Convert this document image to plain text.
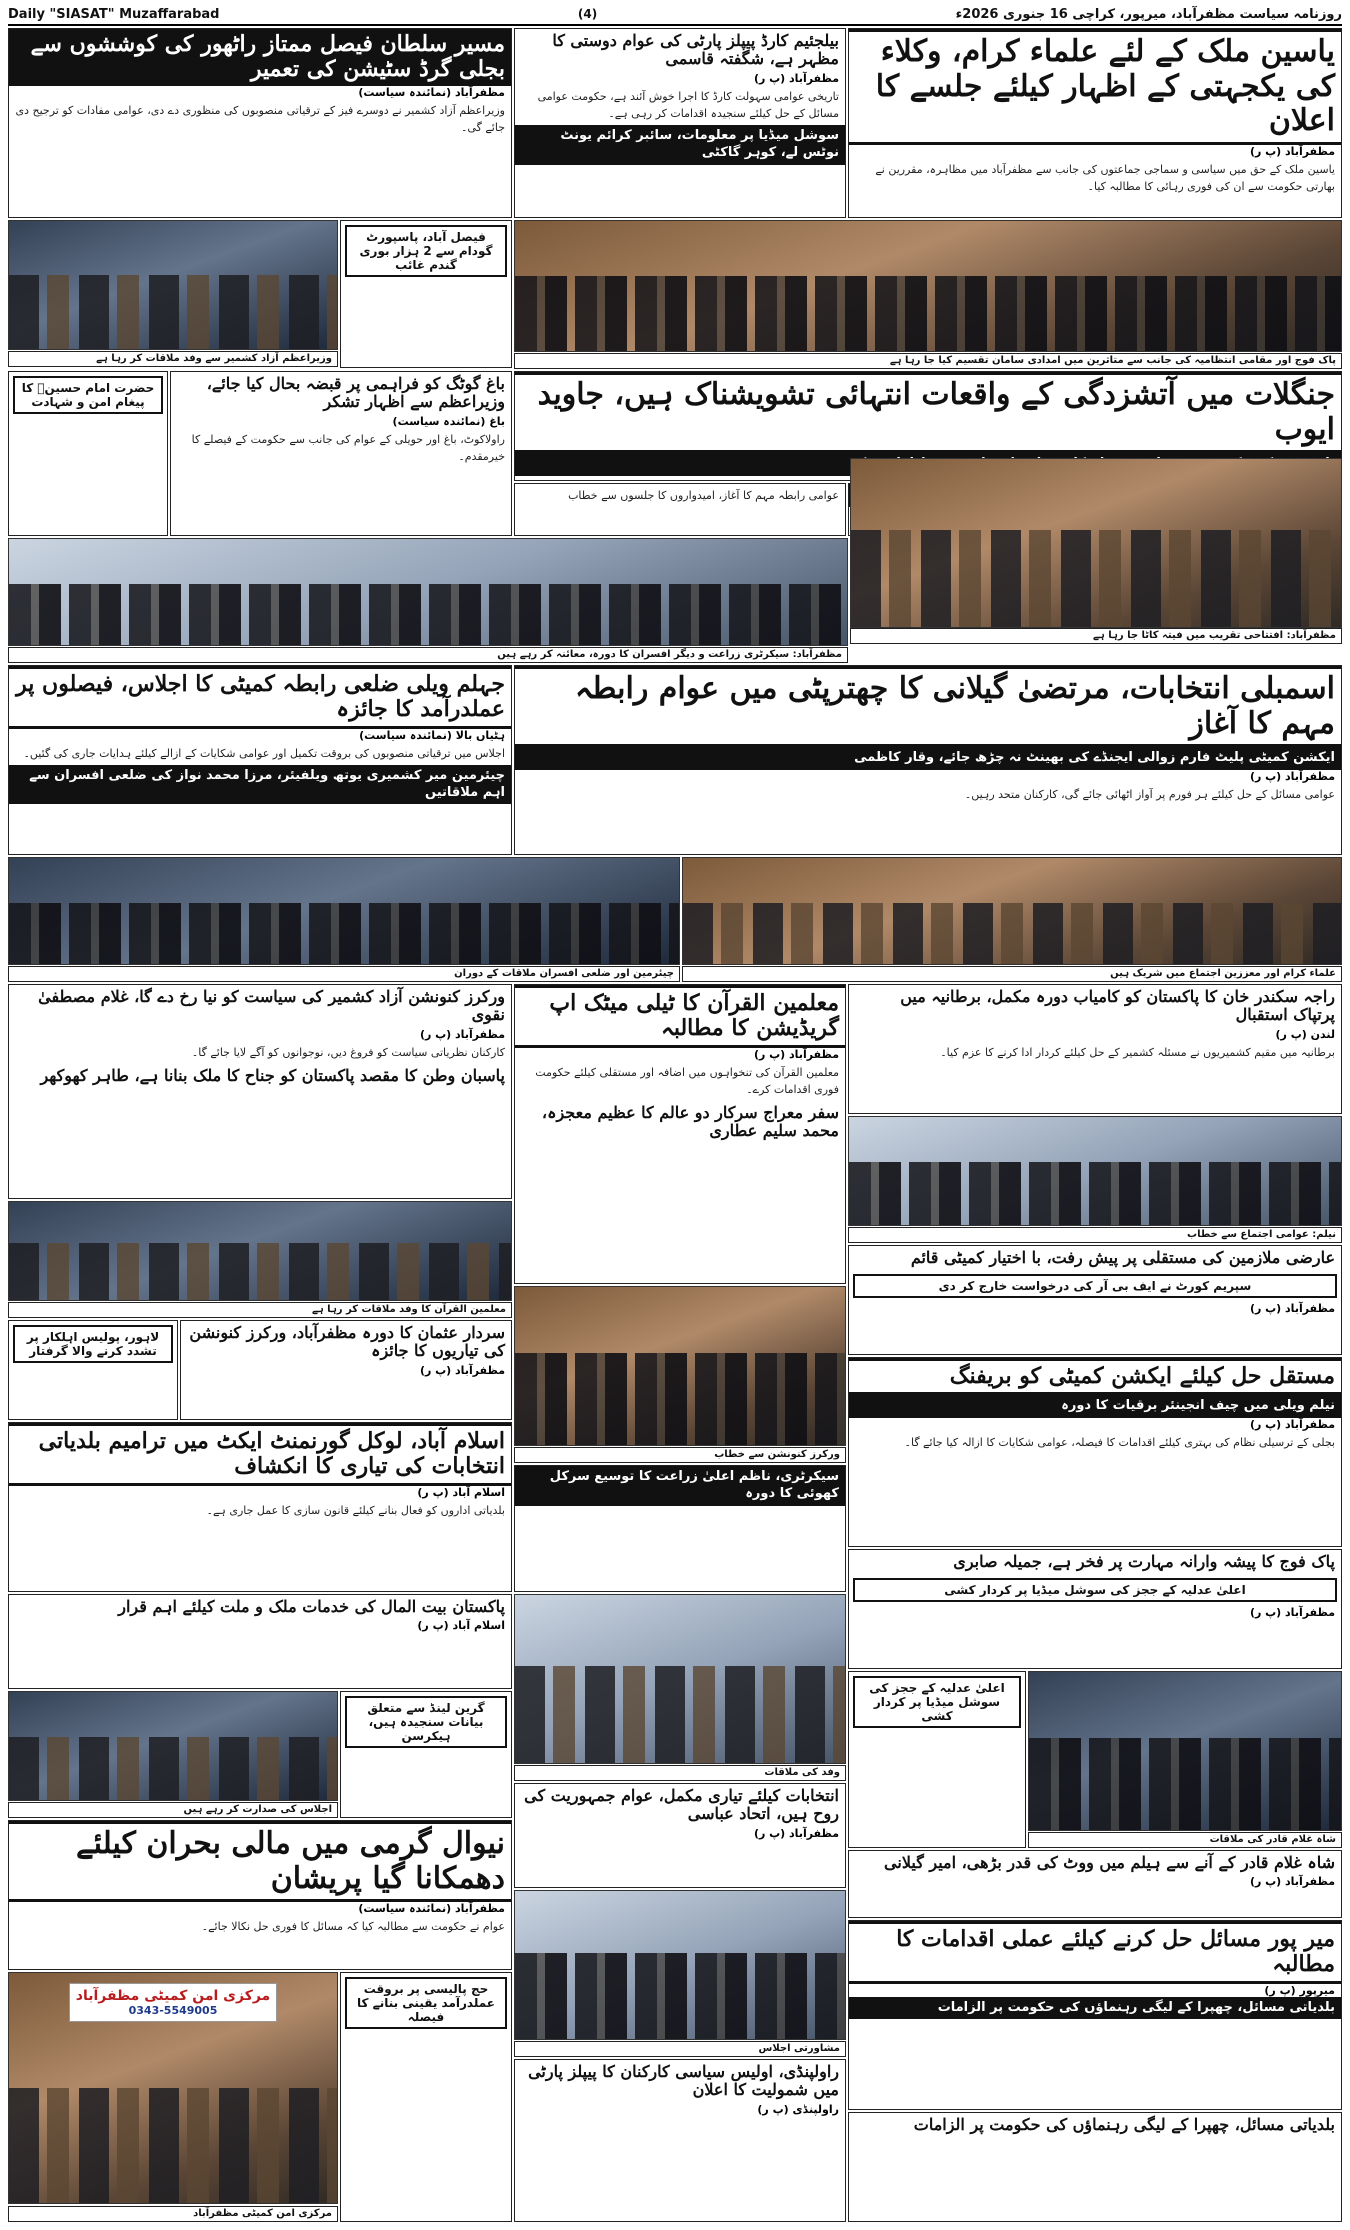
Daily "SIASAT" Muzaffarabad	(4)	روزنامہ سیاست مظفرآباد، میرپور، کراچی 16 جنوری 2026ء
یاسین ملک کے لئے علماء کرام، وکلاء کی یکجہتی کے اظہار کیلئے جلسے کا اعلان
مظفرآباد (پ ر)
یاسین ملک کے حق میں سیاسی و سماجی جماعتوں کی جانب سے مظفرآباد میں مظاہرہ، مقررین نے بھارتی حکومت سے ان کی فوری رہائی کا مطالبہ کیا۔
بیلجئیم کارڈ پیپلز پارٹی کی عوام دوستی کا مظہر ہے، شگفتہ قاسمی
مظفرآباد (پ ر)
تاریخی عوامی سہولت کارڈ کا اجرا خوش آئند ہے، حکومت عوامی مسائل کے حل کیلئے سنجیدہ اقدامات کر رہی ہے۔
سوشل میڈیا پر معلومات، سائبر کرائم یونٹ نوٹس لے، کوہر گاکٹی
مسیر سلطان فیصل ممتاز راٹھور کی کوششوں سے بجلی گرڈ سٹیشن کی تعمیر
مظفرآباد (نمائندہ سیاست)
وزیراعظم آزاد کشمیر نے دوسرے فیز کے ترقیاتی منصوبوں کی منظوری دے دی، عوامی مفادات کو ترجیح دی جائے گی۔
پاک فوج اور مقامی انتظامیہ کی جانب سے متاثرین میں امدادی سامان تقسیم کیا جا رہا ہے
وزیراعظم آزاد کشمیر سے وفد ملاقات کر رہا ہے
فیصل آباد، پاسپورٹ گودام سے 2 ہزار بوری گندم غائب
جنگلات میں آتشزدگی کے واقعات انتہائی تشویشناک ہیں، جاوید ایوب
حضرت امام حسینؑ کا پیغام امن و شہادت
باغ گوٹگ کو فراہمی پر قبضہ بحال کیا جائے، وزیراعظم سے اظہار تشکر
باغ (نمائندہ سیاست)
راولاکوٹ، باغ اور حویلی کے عوام کی جانب سے حکومت کے فیصلے کا خیرمقدم۔
عوامی رابطہ مہم کا آغاز، امیدواروں کا جلسوں سے خطاب
مظفرآباد: سیکرٹری زراعت و دیگر افسران کا دورہ، معائنہ کر رہے ہیں
مظفرآباد: افتتاحی تقریب میں فیتہ کاٹا جا رہا ہے
اسمبلی انتخابات، مرتضیٰ گیلانی کا چھترپٹی میں عوام رابطہ مہم کا آغاز
ایکشن کمیٹی پلیٹ فارم زوالی ایجنڈے کی بھینٹ نہ چڑھ جائے، وقار کاظمی
مظفرآباد (پ ر)
عوامی مسائل کے حل کیلئے ہر فورم پر آواز اٹھائی جائے گی، کارکنان متحد رہیں۔
جہلم ویلی ضلعی رابطہ کمیٹی کا اجلاس، فیصلوں پر عملدرآمد کا جائزہ
ہٹیاں بالا (نمائندہ سیاست)
اجلاس میں ترقیاتی منصوبوں کی بروقت تکمیل اور عوامی شکایات کے ازالے کیلئے ہدایات جاری کی گئیں۔
چیئرمین میر کشمیری یوتھ ویلفیئر، مرزا محمد نواز کی ضلعی افسران سے اہم ملاقاتیں
چیئرمین اور ضلعی افسران ملاقات کے دوران	علماء کرام اور معززین اجتماع میں شریک ہیں
ورکرز کنونشن آزاد کشمیر کی سیاست کو نیا رخ دے گا، غلام مصطفیٰ نقوی
مظفرآباد (پ ر)
کارکنان نظریاتی سیاست کو فروغ دیں، نوجوانوں کو آگے لایا جائے گا۔
پاسبان وطن کا مقصد پاکستان کو جناح کا ملک بنانا ہے، طاہر کھوکھر
معلمین القرآن کا ٹیلی میٹک اپ گریڈیشن کا مطالبہ
مظفرآباد (پ ر)
معلمین القرآن کی تنخواہوں میں اضافہ اور مستقلی کیلئے حکومت فوری اقدامات کرے۔
سفر معراج سرکار دو عالم کا عظیم معجزہ، محمد سلیم عطاری
راجہ سکندر خان کا پاکستان کو کامیاب دورہ مکمل، برطانیہ میں پرتپاک استقبال
لندن (پ ر)
برطانیہ میں مقیم کشمیریوں نے مسئلہ کشمیر کے حل کیلئے کردار ادا کرنے کا عزم کیا۔
نیلم: عوامی اجتماع سے خطاب
معلمین القرآن کا وفد ملاقات کر رہا ہے
عارضی ملازمین کی مستقلی پر پیش رفت، با اختیار کمیٹی قائم
سپریم کورٹ نے ایف بی آر کی درخواست خارج کر دی
مظفرآباد (پ ر)
ورکرز کنونشن سے خطاب
لاہور، پولیس اہلکار پر تشدد کرنے والا گرفتار
سردار عثمان کا دورہ مظفرآباد، ورکرز کنونشن کی تیاریوں کا جائزہ
مظفرآباد (پ ر)	مستقل حل کیلئے ایکشن کمیٹی کو بریفنگ
نیلم ویلی میں چیف انجینئر برقیات کا دورہ
مظفرآباد (پ ر)
بجلی کے ترسیلی نظام کی بہتری کیلئے اقدامات کا فیصلہ، عوامی شکایات کا ازالہ کیا جائے گا۔
اسلام آباد، لوکل گورنمنٹ ایکٹ میں ترامیم بلدیاتی انتخابات کی تیاری کا انکشاف
اسلام آباد (پ ر)
بلدیاتی اداروں کو فعال بنانے کیلئے قانون سازی کا عمل جاری ہے۔
سیکرٹری، ناظم اعلیٰ زراعت کا توسیع سرکل کھوئی کا دورہ
پاک فوج کا پیشہ وارانہ مہارت پر فخر ہے، جمیلہ صابری
اعلیٰ عدلیہ کے ججز کی سوشل میڈیا پر کردار کشی
مظفرآباد (پ ر)
پاکستان بیت المال کی خدمات ملک و ملت کیلئے اہم قرار
اسلام آباد (پ ر)
وفد کی ملاقات
شاہ غلام قادر کی ملاقات
اعلیٰ عدلیہ کے ججز کی سوشل میڈیا پر کردار کشی
اجلاس کی صدارت کر رہے ہیں
گرین لینڈ سے متعلق بیانات سنجیدہ ہیں، ہیکرسن
انتخابات کیلئے تیاری مکمل، عوام جمہوریت کی روح ہیں، اتحاد عباسی
مظفرآباد (پ ر)
شاہ غلام قادر کے آنے سے ہیلم میں ووٹ کی قدر بڑھی، امیر گیلانی
مظفرآباد (پ ر)
نیوال گرمی میں مالی بحران کیلئے دھمکانا گیا پریشان
مظفرآباد (نمائندہ سیاست)
عوام نے حکومت سے مطالبہ کیا کہ مسائل کا فوری حل نکالا جائے۔
مشاورتی اجلاس
میر پور مسائل حل کرنے کیلئے عملی اقدامات کا مطالبہ
میرپور (پ ر)
بلدیاتی مسائل، چھپرا کے لیگی رہنماؤں کی حکومت پر الزامات
مرکزی امن کمیٹی مظفرآباد
0343-5549005
مرکزی امن کمیٹی مظفرآباد
حج پالیسی پر بروقت عملدرآمد یقینی بنانے کا فیصلہ
راولپنڈی، اولیس سیاسی کارکنان کا پیپلز پارٹی میں شمولیت کا اعلان
راولپنڈی (پ ر)
بلدیاتی مسائل، چھپرا کے لیگی رہنماؤں کی حکومت پر الزامات
